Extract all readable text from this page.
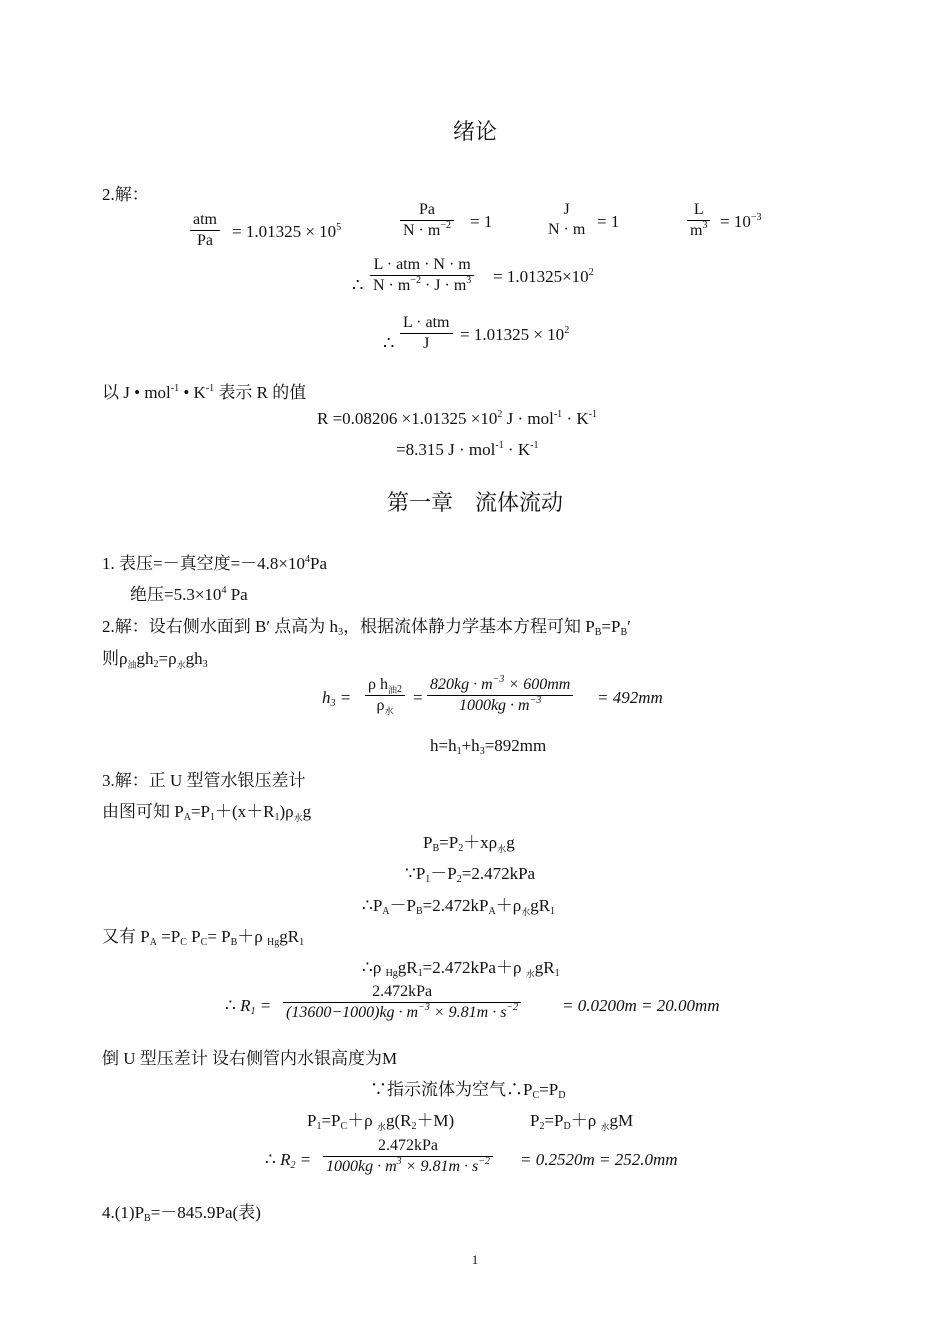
绪论
2.解：
atm
$Pa = 1.01325 \times 10^5$
Pa
$N \cdot m^{-2} = 1$
J
N · m = 1
L
$m^3 = 10^{-3}$
∴
L · atm · N · m
$N \cdot m^{-2} \cdot J \cdot m^3 = 1.01325\times 10^2$
∴
L · atm
$J = 1.01325 \times 10^2$
以 J • mol$^{-1}$ • $K^{-1}$ 表示 R 的值
$R =0.08206 \times 1.01325 \times 10^2$ $J \cdot mol^{-1} \cdot K^{-1}$
=8.315 $J \cdot mol^{-1} \cdot K^{-1}$
第一章　流体流动
1. 表压=－真空度$=-4.8\times 10^4Pa$
绝压$=5.3\times 10^4$ Pa
2.解：设右侧水面到 B′ 点高为 $h_3$，根据流体静力学基本方程可知 $P_B=P_B'$
则$\rho_油gh_2=\rho_水gh_3$
$h_3$ =
ρ $h_{油2}$
$\rho_水$
=
$820kg \cdot m^{-3} \times 600mm$
$1000kg \cdot m^{-3}$	= 492mm
$h=h_1+h_3=892mm$
3.解：正 U 型管水银压差计
由图可知 $P_A=P_1+(x+R_1)\rho_水g$
$P_B=P_2+x\rho_水g$
$\because P_1-P_2=2.472kPa$
$\therefore P_A-P_B=2.472kP_A+\rho_水gR_1$
又有 $P_A =P_C$ $P_C= P_B+\rho$ $_{Hg}gR_1$
∴ρ $_{Hg}gR_1=2.472kPa+\rho$ $_水gR_1$
∴ $R_1$ =
2.472kPa
$(13600-1000)kg \cdot m^{-3} \times 9.81m \cdot s^{-2}$	= 0.0200m = 20.00mm
倒 U 型压差计 设右侧管内水银高度为M
∵指示流体为空气$\therefore P_C=P_D$
$P_1=P_C+\rho$ $_水g(R_2+M)$	$P_2=P_D+\rho$ $_水$gM
∴ $R_2$ =
2.472kPa
$1000kg \cdot m^3 \times 9.81m \cdot s^{-2} = 0.2520m = 252.0mm$
$4.(1)P_B=-845.9Pa$(表)
1
